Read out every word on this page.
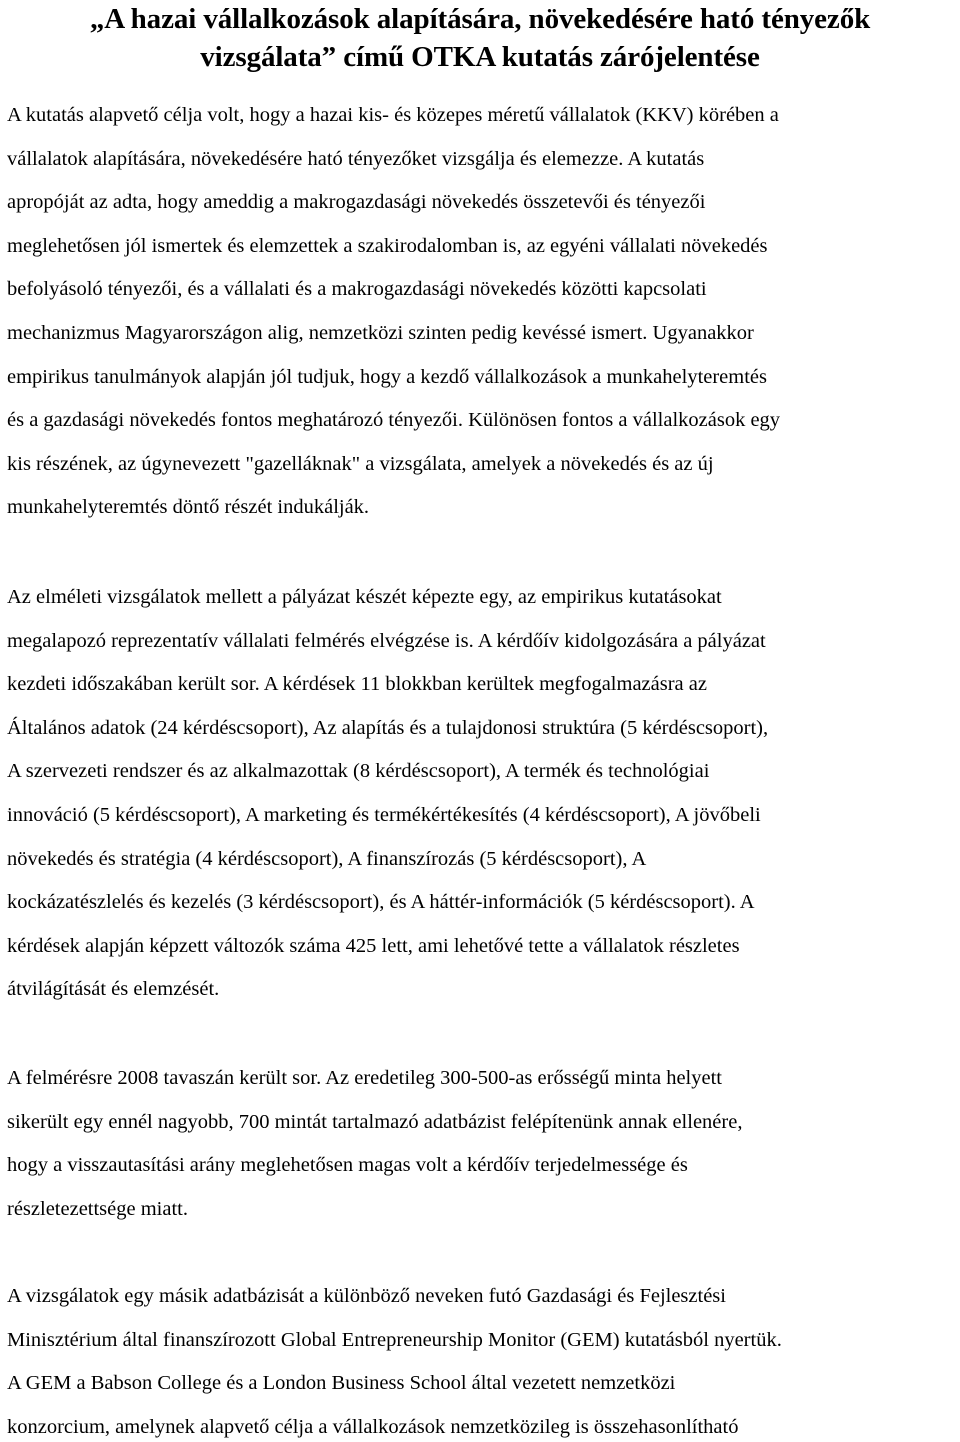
„A hazai vállalkozások alapítására, növekedésére ható tényezők
vizsgálata” című OTKA kutatás zárójelentése

A kutatás alapvető célja volt, hogy a hazai kis- és közepes méretű vállalatok (KKV) körében a
vállalatok alapítására, növekedésére ható tényezőket vizsgálja és elemezze. A kutatás
apropóját az adta, hogy ameddig a makrogazdasági növekedés összetevői és tényezői
meglehetősen jól ismertek és elemzettek a szakirodalomban is, az egyéni vállalati növekedés
befolyásoló tényezői, és a vállalati és a makrogazdasági növekedés közötti kapcsolati
mechanizmus Magyarországon alig, nemzetközi szinten pedig kevéssé ismert. Ugyanakkor
empirikus tanulmányok alapján jól tudjuk, hogy a kezdő vállalkozások a munkahelyteremtés
és a gazdasági növekedés fontos meghatározó tényezői. Különösen fontos a vállalkozások egy
kis részének, az úgynevezett "gazelláknak" a vizsgálata, amelyek a növekedés és az új
munkahelyteremtés döntő részét indukálják.

Az elméleti vizsgálatok mellett a pályázat készét képezte egy, az empirikus kutatásokat
megalapozó reprezentatív vállalati felmérés elvégzése is. A kérdőív kidolgozására a pályázat
kezdeti időszakában került sor. A kérdések 11 blokkban kerültek megfogalmazásra az
Általános adatok (24 kérdéscsoport), Az alapítás és a tulajdonosi struktúra (5 kérdéscsoport),
A szervezeti rendszer és az alkalmazottak (8 kérdéscsoport), A termék és technológiai
innováció (5 kérdéscsoport), A marketing és termékértékesítés (4 kérdéscsoport), A jövőbeli
növekedés és stratégia (4 kérdéscsoport), A finanszírozás (5 kérdéscsoport), A
kockázatészlelés és kezelés (3 kérdéscsoport), és A háttér-információk (5 kérdéscsoport). A
kérdések alapján képzett változók száma 425 lett, ami lehetővé tette a vállalatok részletes
átvilágítását és elemzését.

A felmérésre 2008 tavaszán került sor. Az eredetileg 300-500-as erősségű minta helyett
sikerült egy ennél nagyobb, 700 mintát tartalmazó adatbázist felépítenünk annak ellenére,
hogy a visszautasítási arány meglehetősen magas volt a kérdőív terjedelmessége és
részletezettsége miatt.

A vizsgálatok egy másik adatbázisát a különböző neveken futó Gazdasági és Fejlesztési
Minisztérium által finanszírozott Global Entrepreneurship Monitor (GEM) kutatásból nyertük.
A GEM a Babson College és a London Business School által vezetett nemzetközi
konzorcium, amelynek alapvető célja a vállalkozások nemzetközileg is összehasonlítható
